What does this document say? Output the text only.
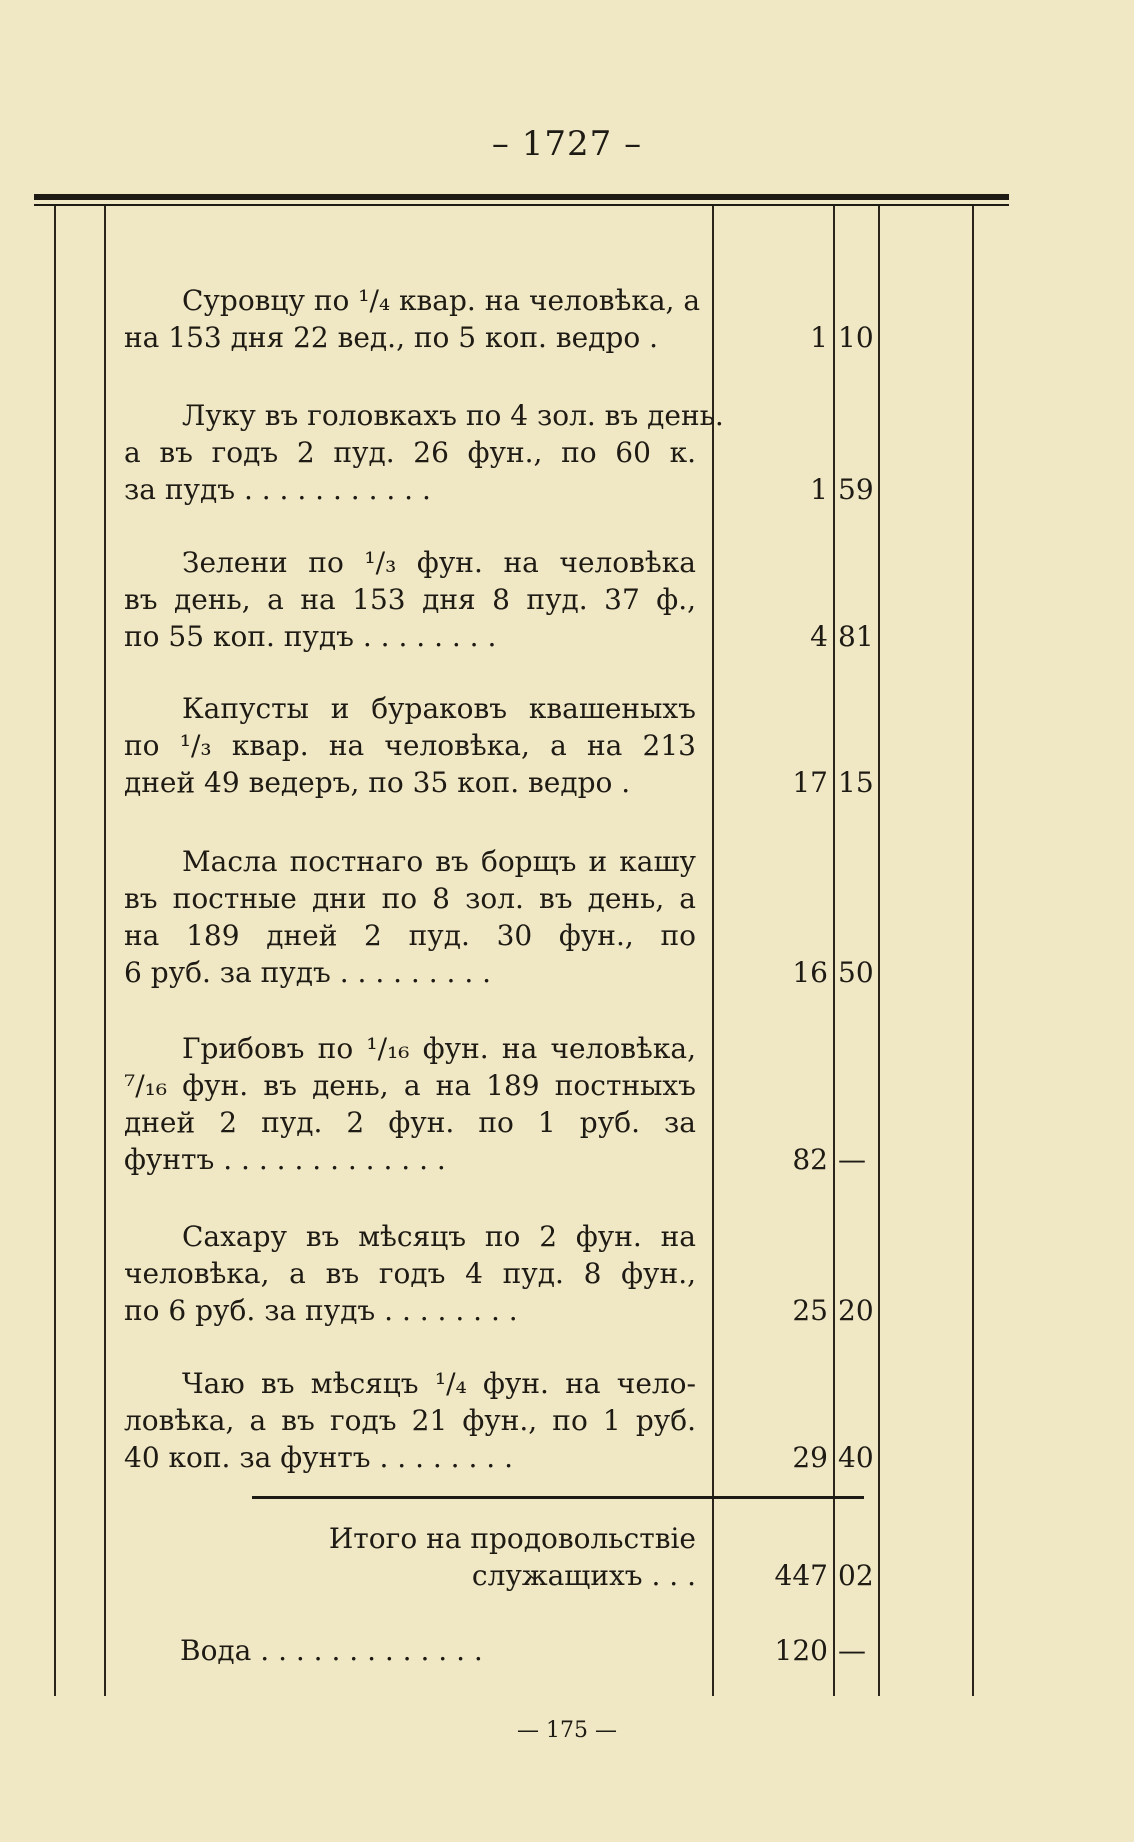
– 1727 –
Суровцу по ¹/₄ квар. на человѣка, а
на 153 дня 22 вед., по 5 коп. ведро .	1 10
Луку въ головкахъ по 4 зол. въ день.
а въ годъ 2 пуд. 26 фун., по 60 к.
за пудъ . . . . . . . . . . .	1 59
Зелени по ¹/₃ фун. на человѣка
въ день, а на 153 дня 8 пуд. 37 ф.,
по 55 коп. пудъ . . . . . . . .	4 81
Капусты и бураковъ квашеныхъ
по ¹/₃ квар. на человѣка, а на 213
дней 49 ведеръ, по 35 коп. ведро .	17 15
Масла постнаго въ борщъ и кашу
въ постные дни по 8 зол. въ день, а
на 189 дней 2 пуд. 30 фун., по
6 руб. за пудъ . . . . . . . . .	16 50
Грибовъ по ¹/₁₆ фун. на человѣка,
⁷/₁₆ фун. въ день, а на 189 постныхъ
дней 2 пуд. 2 фун. по 1 руб. за
фунтъ . . . . . . . . . . . . .	82 —
Сахару въ мѣсяцъ по 2 фун. на
человѣка, а въ годъ 4 пуд. 8 фун.,
по 6 руб. за пудъ . . . . . . . .	25 20
Чаю въ мѣсяцъ ¹/₄ фун. на чело-
ловѣка, а въ годъ 21 фун., по 1 руб.
40 коп. за фунтъ . . . . . . . .	29 40
Итого на продовольствіе
служащихъ . . .	447 02
Вода . . . . . . . . . . . . .	120 —
— 175 —
